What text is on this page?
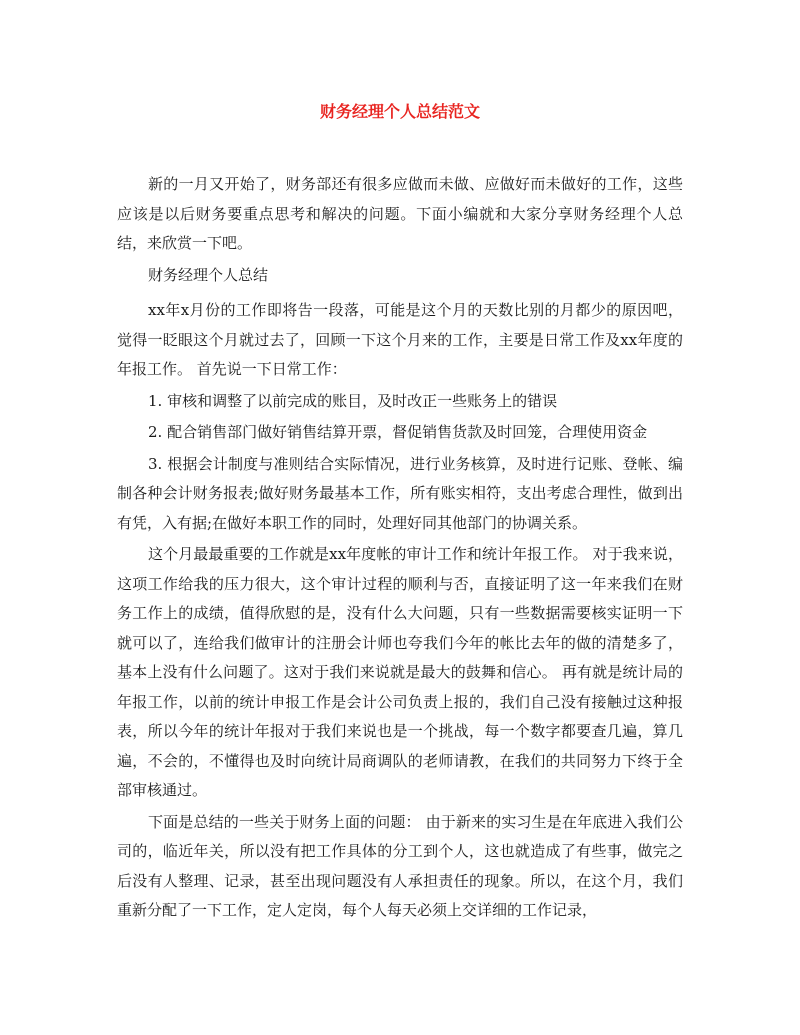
财务经理个人总结范文

新的一月又开始了，财务部还有很多应做而未做、应做好而未做好的工作，这些应该是以后财务要重点思考和解决的问题。下面小编就和大家分享财务经理个人总结，来欣赏一下吧。

财务经理个人总结

xx年x月份的工作即将告一段落，可能是这个月的天数比别的月都少的原因吧，觉得一眨眼这个月就过去了，回顾一下这个月来的工作，主要是日常工作及xx年度的年报工作。 首先说一下日常工作：

1. 审核和调整了以前完成的账目，及时改正一些账务上的错误

2. 配合销售部门做好销售结算开票，督促销售货款及时回笼，合理使用资金

3. 根据会计制度与准则结合实际情况，进行业务核算，及时进行记账、登帐、编制各种会计财务报表;做好财务最基本工作，所有账实相符，支出考虑合理性，做到出有凭，入有据;在做好本职工作的同时，处理好同其他部门的协调关系。

这个月最最重要的工作就是xx年度帐的审计工作和统计年报工作。 对于我来说，这项工作给我的压力很大，这个审计过程的顺利与否，直接证明了这一年来我们在财务工作上的成绩，值得欣慰的是，没有什么大问题，只有一些数据需要核实证明一下就可以了，连给我们做审计的注册会计师也夸我们今年的帐比去年的做的清楚多了，基本上没有什么问题了。这对于我们来说就是最大的鼓舞和信心。 再有就是统计局的年报工作，以前的统计申报工作是会计公司负责上报的，我们自己没有接触过这种报表，所以今年的统计年报对于我们来说也是一个挑战，每一个数字都要查几遍，算几遍，不会的，不懂得也及时向统计局商调队的老师请教，在我们的共同努力下终于全部审核通过。

下面是总结的一些关于财务上面的问题： 由于新来的实习生是在年底进入我们公司的，临近年关，所以没有把工作具体的分工到个人，这也就造成了有些事，做完之后没有人整理、记录，甚至出现问题没有人承担责任的现象。所以，在这个月，我们重新分配了一下工作，定人定岗，每个人每天必须上交详细的工作记录，
